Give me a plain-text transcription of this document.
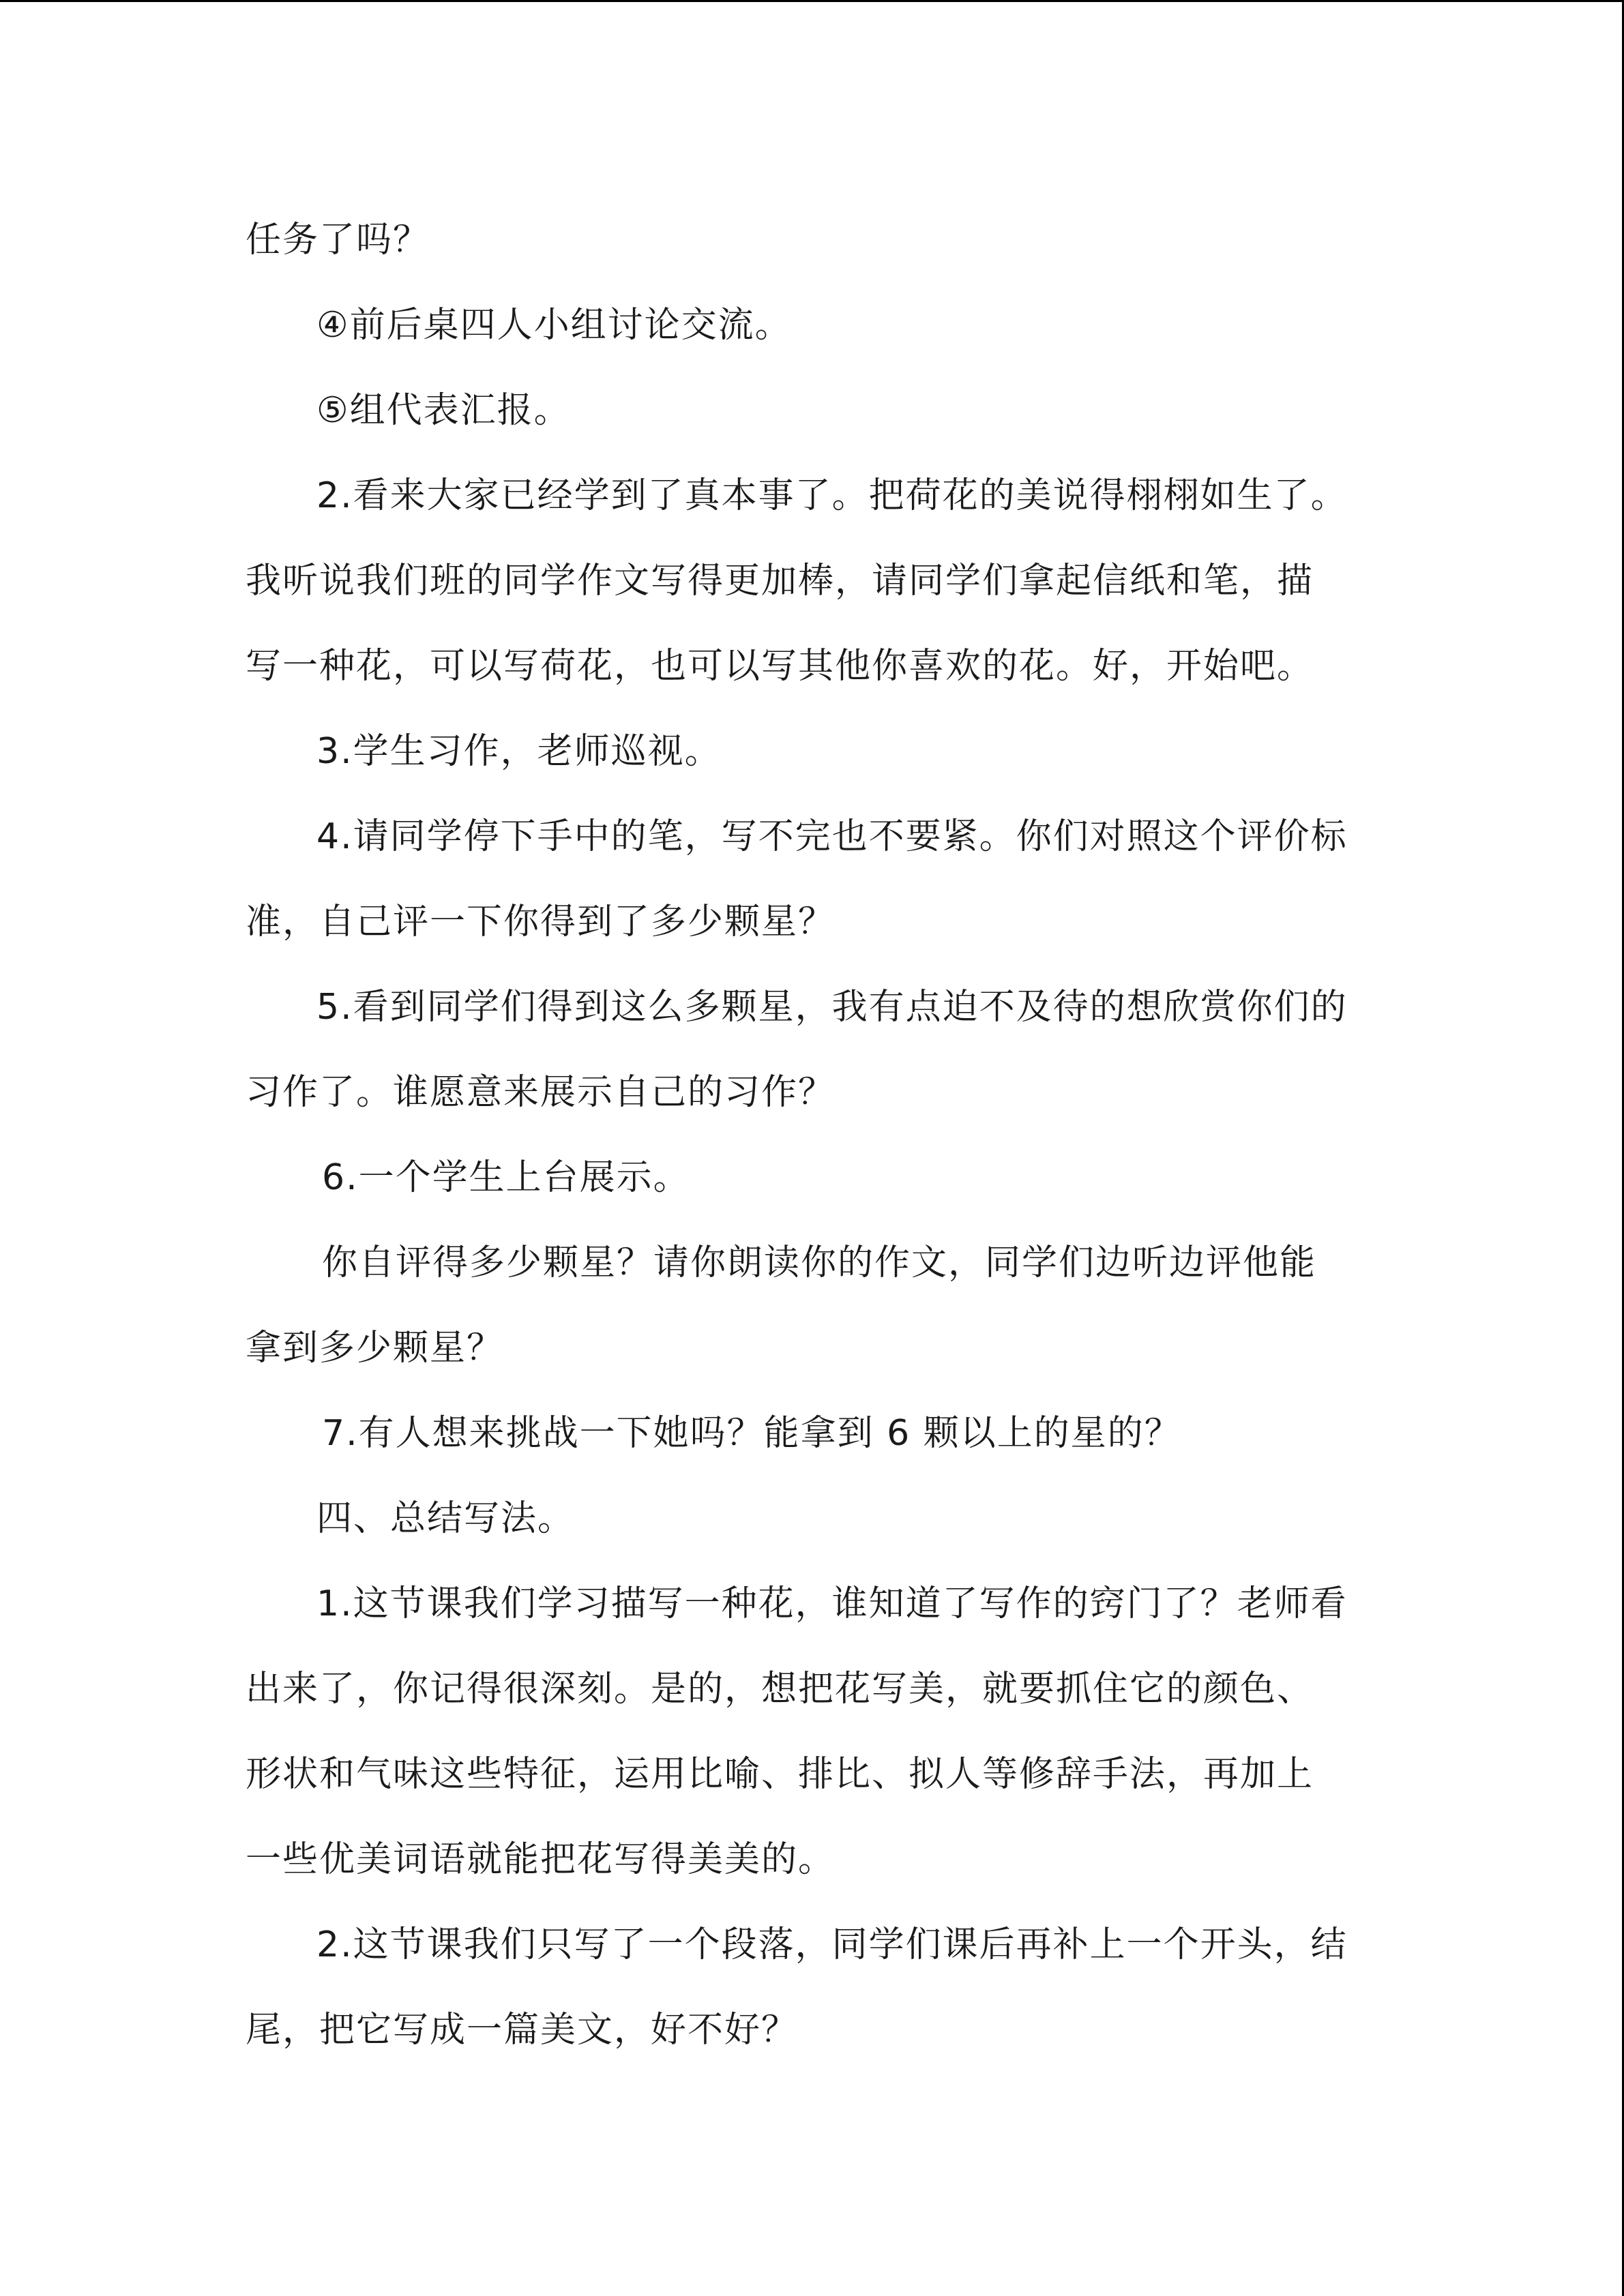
任务了吗？
④前后桌四人小组讨论交流。
⑤组代表汇报。
2.看来大家已经学到了真本事了。把荷花的美说得栩栩如生了。
我听说我们班的同学作文写得更加棒，请同学们拿起信纸和笔，描
写一种花，可以写荷花，也可以写其他你喜欢的花。好，开始吧。
3.学生习作，老师巡视。
4.请同学停下手中的笔，写不完也不要紧。你们对照这个评价标
准，自己评一下你得到了多少颗星？
5.看到同学们得到这么多颗星，我有点迫不及待的想欣赏你们的
习作了。谁愿意来展示自己的习作？
6.一个学生上台展示。
你自评得多少颗星？请你朗读你的作文，同学们边听边评他能
拿到多少颗星？
7.有人想来挑战一下她吗？能拿到 6 颗以上的星的？
四、总结写法。
1.这节课我们学习描写一种花，谁知道了写作的窍门了？老师看
出来了，你记得很深刻。是的，想把花写美，就要抓住它的颜色、
形状和气味这些特征，运用比喻、排比、拟人等修辞手法，再加上
一些优美词语就能把花写得美美的。
2.这节课我们只写了一个段落，同学们课后再补上一个开头，结
尾，把它写成一篇美文，好不好？
